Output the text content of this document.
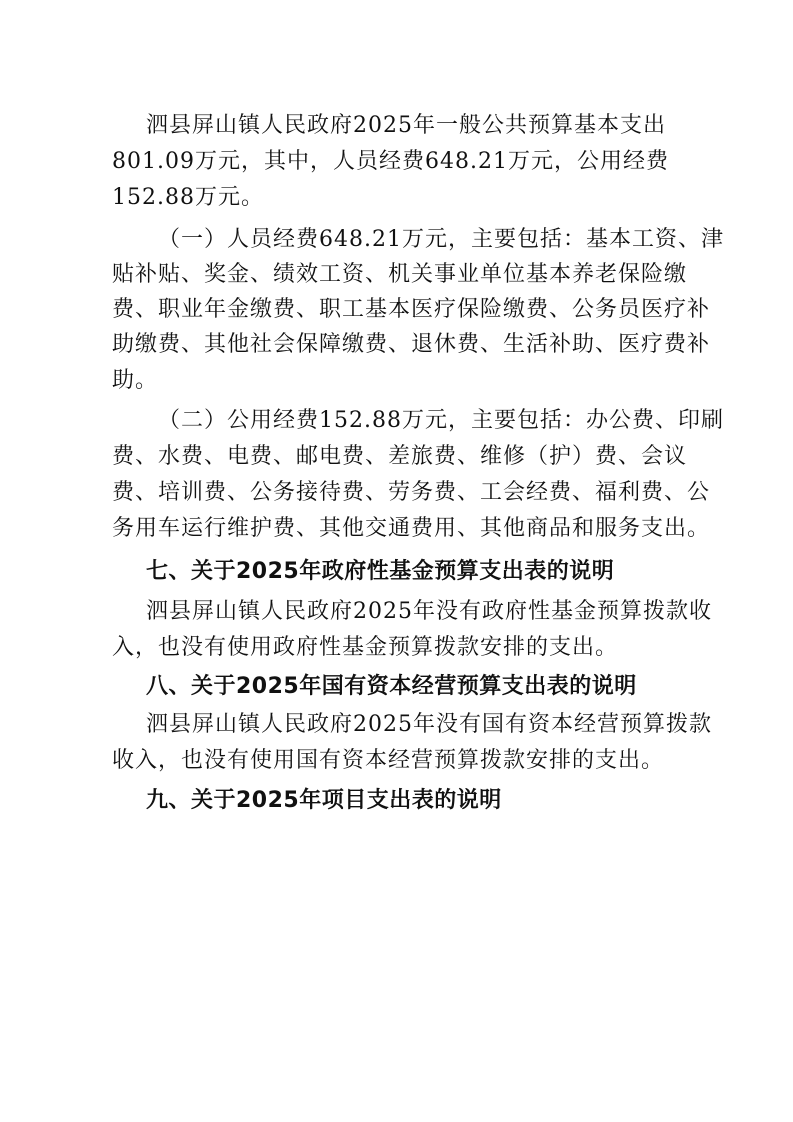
泗县屏山镇人民政府2025年一般公共预算基本支出
801.09万元，其中，人员经费648.21万元，公用经费
152.88万元。
（一）人员经费648.21万元，主要包括：基本工资、津
贴补贴、奖金、绩效工资、机关事业单位基本养老保险缴
费、职业年金缴费、职工基本医疗保险缴费、公务员医疗补
助缴费、其他社会保障缴费、退休费、生活补助、医疗费补
助。
（二）公用经费152.88万元，主要包括：办公费、印刷
费、水费、电费、邮电费、差旅费、维修（护）费、会议
费、培训费、公务接待费、劳务费、工会经费、福利费、公
务用车运行维护费、其他交通费用、其他商品和服务支出。
七、关于2025年政府性基金预算支出表的说明
泗县屏山镇人民政府2025年没有政府性基金预算拨款收
入，也没有使用政府性基金预算拨款安排的支出。
八、关于2025年国有资本经营预算支出表的说明
泗县屏山镇人民政府2025年没有国有资本经营预算拨款
收入，也没有使用国有资本经营预算拨款安排的支出。
九、关于2025年项目支出表的说明
